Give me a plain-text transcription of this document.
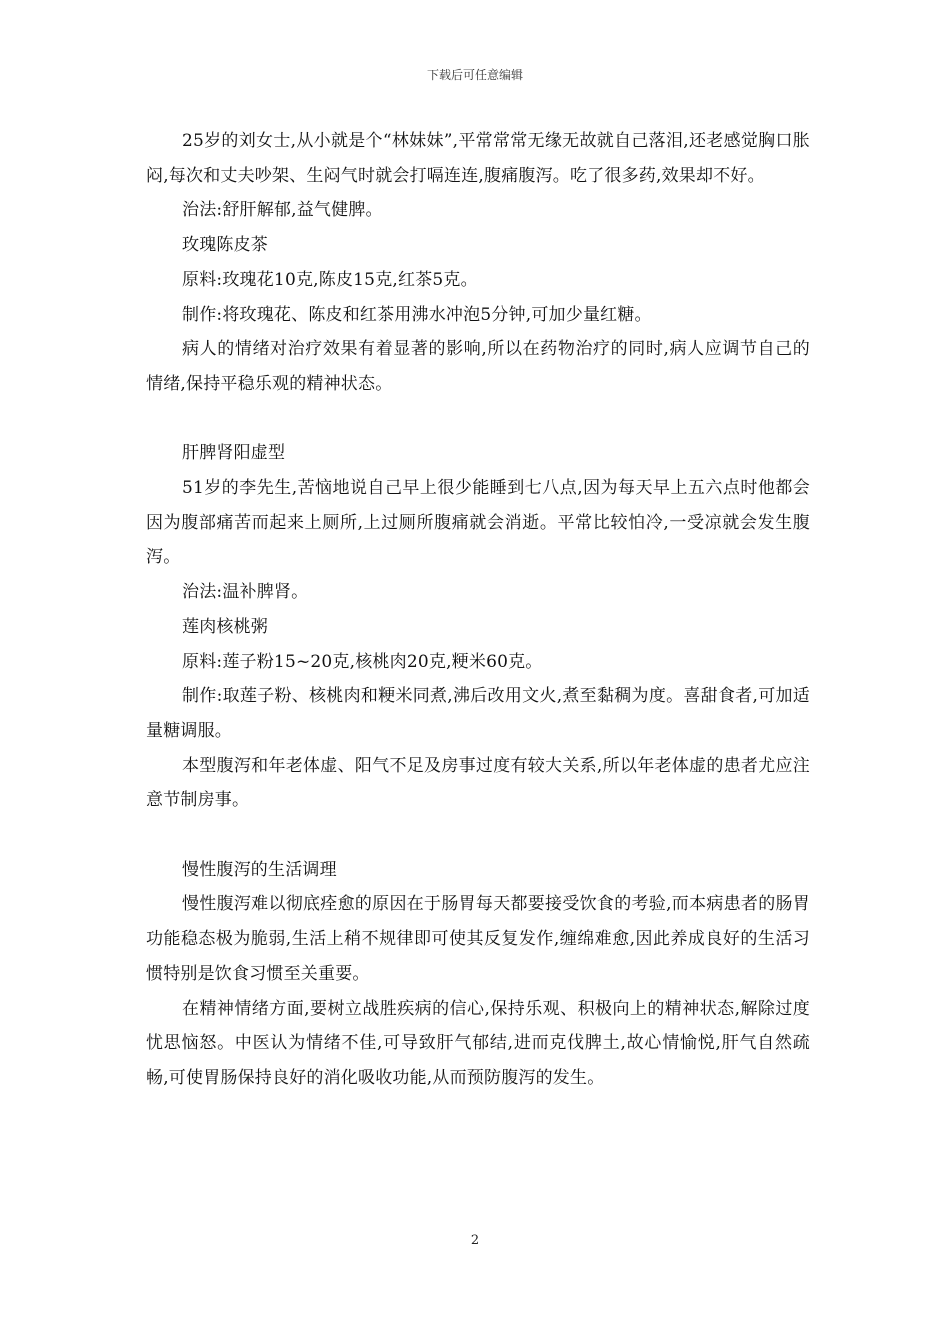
下载后可任意编辑

25岁的刘女士,从小就是个“林妹妹”,平常常常无缘无故就自己落泪,还老感觉胸口胀闷,每次和丈夫吵架、生闷气时就会打嗝连连,腹痛腹泻。吃了很多药,效果却不好。

治法:舒肝解郁,益气健脾。

玫瑰陈皮茶

原料:玫瑰花10克,陈皮15克,红茶5克。

制作:将玫瑰花、陈皮和红茶用沸水冲泡5分钟,可加少量红糖。

病人的情绪对治疗效果有着显著的影响,所以在药物治疗的同时,病人应调节自己的情绪,保持平稳乐观的精神状态。

肝脾肾阳虚型

51岁的李先生,苦恼地说自己早上很少能睡到七八点,因为每天早上五六点时他都会因为腹部痛苦而起来上厕所,上过厕所腹痛就会消逝。平常比较怕冷,一受凉就会发生腹泻。

治法:温补脾肾。

莲肉核桃粥

原料:莲子粉15~20克,核桃肉20克,粳米60克。

制作:取莲子粉、核桃肉和粳米同煮,沸后改用文火,煮至黏稠为度。喜甜食者,可加适量糖调服。

本型腹泻和年老体虚、阳气不足及房事过度有较大关系,所以年老体虚的患者尤应注意节制房事。

慢性腹泻的生活调理

慢性腹泻难以彻底痊愈的原因在于肠胃每天都要接受饮食的考验,而本病患者的肠胃功能稳态极为脆弱,生活上稍不规律即可使其反复发作,缠绵难愈,因此养成良好的生活习惯特别是饮食习惯至关重要。

在精神情绪方面,要树立战胜疾病的信心,保持乐观、积极向上的精神状态,解除过度忧思恼怒。中医认为情绪不佳,可导致肝气郁结,进而克伐脾土,故心情愉悦,肝气自然疏畅,可使胃肠保持良好的消化吸收功能,从而预防腹泻的发生。

2
